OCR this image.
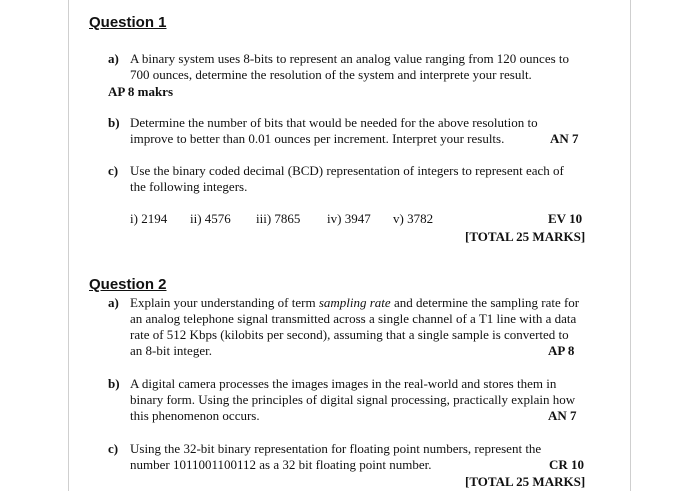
Question 1
a) A binary system uses 8-bits to represent an analog value ranging from 120 ounces to
700 ounces, determine the resolution of the system and interprete your result.
AP 8 makrs
b) Determine the number of bits that would be needed for the above resolution to
improve to better than 0.01 ounces per increment. Interpret your results.	AN 7
c) Use the binary coded decimal (BCD) representation of integers to represent each of
the following integers.
i) 2194 ii) 4576 iii) 7865 iv) 3947 v) 3782	EV 10
[TOTAL 25 MARKS]
Question 2
a) Explain your understanding of term sampling rate and determine the sampling rate for
an analog telephone signal transmitted across a single channel of a T1 line with a data
rate of 512 Kbps (kilobits per second), assuming that a single sample is converted to
an 8-bit integer.	AP 8
b) A digital camera processes the images images in the real-world and stores them in
binary form. Using the principles of digital signal processing, practically explain how
this phenomenon occurs.	AN 7
c) Using the 32-bit binary representation for floating point numbers, represent the
number 1011001100112 as a 32 bit floating point number.	CR 10
[TOTAL 25 MARKS]
